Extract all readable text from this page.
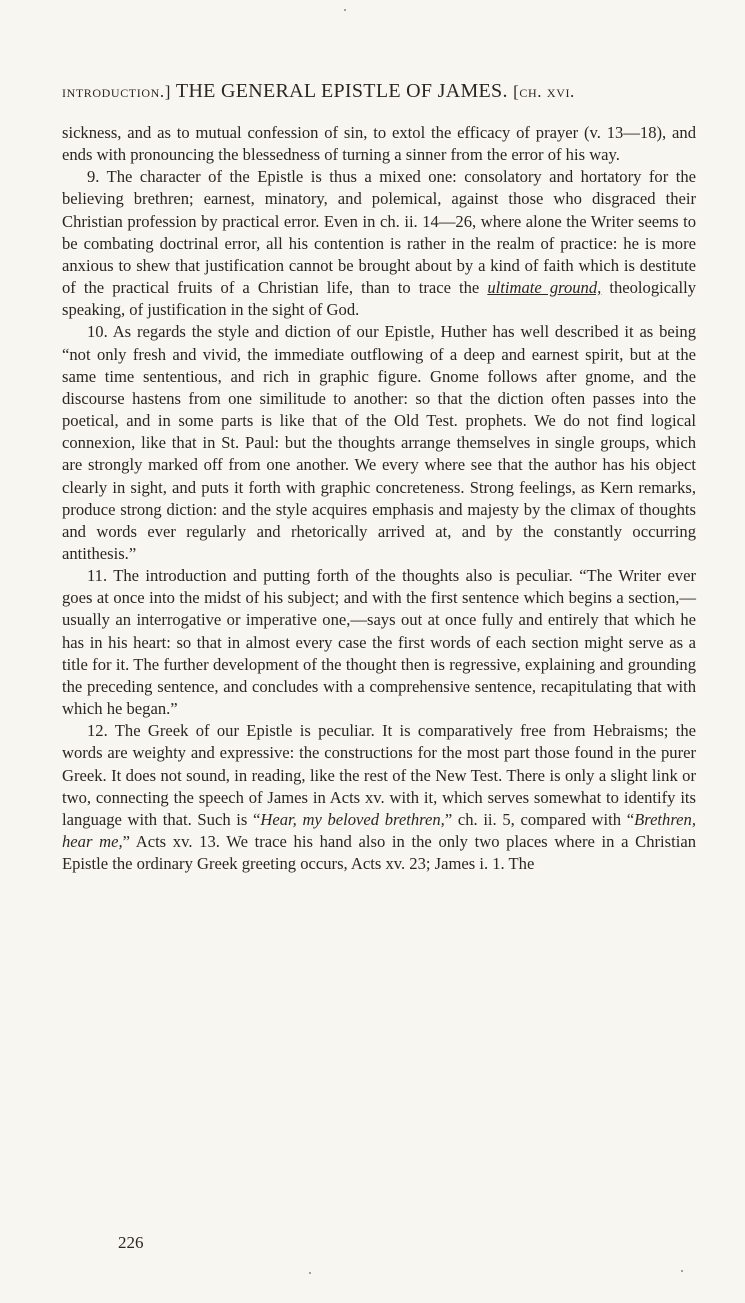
introduction.] THE GENERAL EPISTLE OF JAMES. [ch. xvi.

sickness, and as to mutual confession of sin, to extol the efficacy of prayer (v. 13—18), and ends with pronouncing the blessedness of turning a sinner from the error of his way.

9. The character of the Epistle is thus a mixed one: consolatory and hortatory for the believing brethren; earnest, minatory, and polemical, against those who disgraced their Christian profession by practical error. Even in ch. ii. 14—26, where alone the Writer seems to be combating doctrinal error, all his contention is rather in the realm of practice: he is more anxious to shew that justification cannot be brought about by a kind of faith which is destitute of the practical fruits of a Christian life, than to trace the ultimate ground, theologically speaking, of justification in the sight of God.

10. As regards the style and diction of our Epistle, Huther has well described it as being “not only fresh and vivid, the immediate outflowing of a deep and earnest spirit, but at the same time sententious, and rich in graphic figure. Gnome follows after gnome, and the discourse hastens from one similitude to another: so that the diction often passes into the poetical, and in some parts is like that of the Old Test. prophets. We do not find logical connexion, like that in St. Paul: but the thoughts arrange themselves in single groups, which are strongly marked off from one another. We every where see that the author has his object clearly in sight, and puts it forth with graphic concreteness. Strong feelings, as Kern remarks, produce strong diction: and the style acquires emphasis and majesty by the climax of thoughts and words ever regularly and rhetorically arrived at, and by the constantly occurring antithesis.”

11. The introduction and putting forth of the thoughts also is peculiar. “The Writer ever goes at once into the midst of his subject; and with the first sentence which begins a section,—usually an interrogative or imperative one,—says out at once fully and entirely that which he has in his heart: so that in almost every case the first words of each section might serve as a title for it. The further development of the thought then is regressive, explaining and grounding the preceding sentence, and concludes with a comprehensive sentence, recapitulating that with which he began.”

12. The Greek of our Epistle is peculiar. It is comparatively free from Hebraisms; the words are weighty and expressive: the constructions for the most part those found in the purer Greek. It does not sound, in reading, like the rest of the New Test. There is only a slight link or two, connecting the speech of James in Acts xv. with it, which serves somewhat to identify its language with that. Such is “Hear, my beloved brethren,” ch. ii. 5, compared with “Brethren, hear me,” Acts xv. 13. We trace his hand also in the only two places where in a Christian Epistle the ordinary Greek greeting occurs, Acts xv. 23; James i. 1. The

226
